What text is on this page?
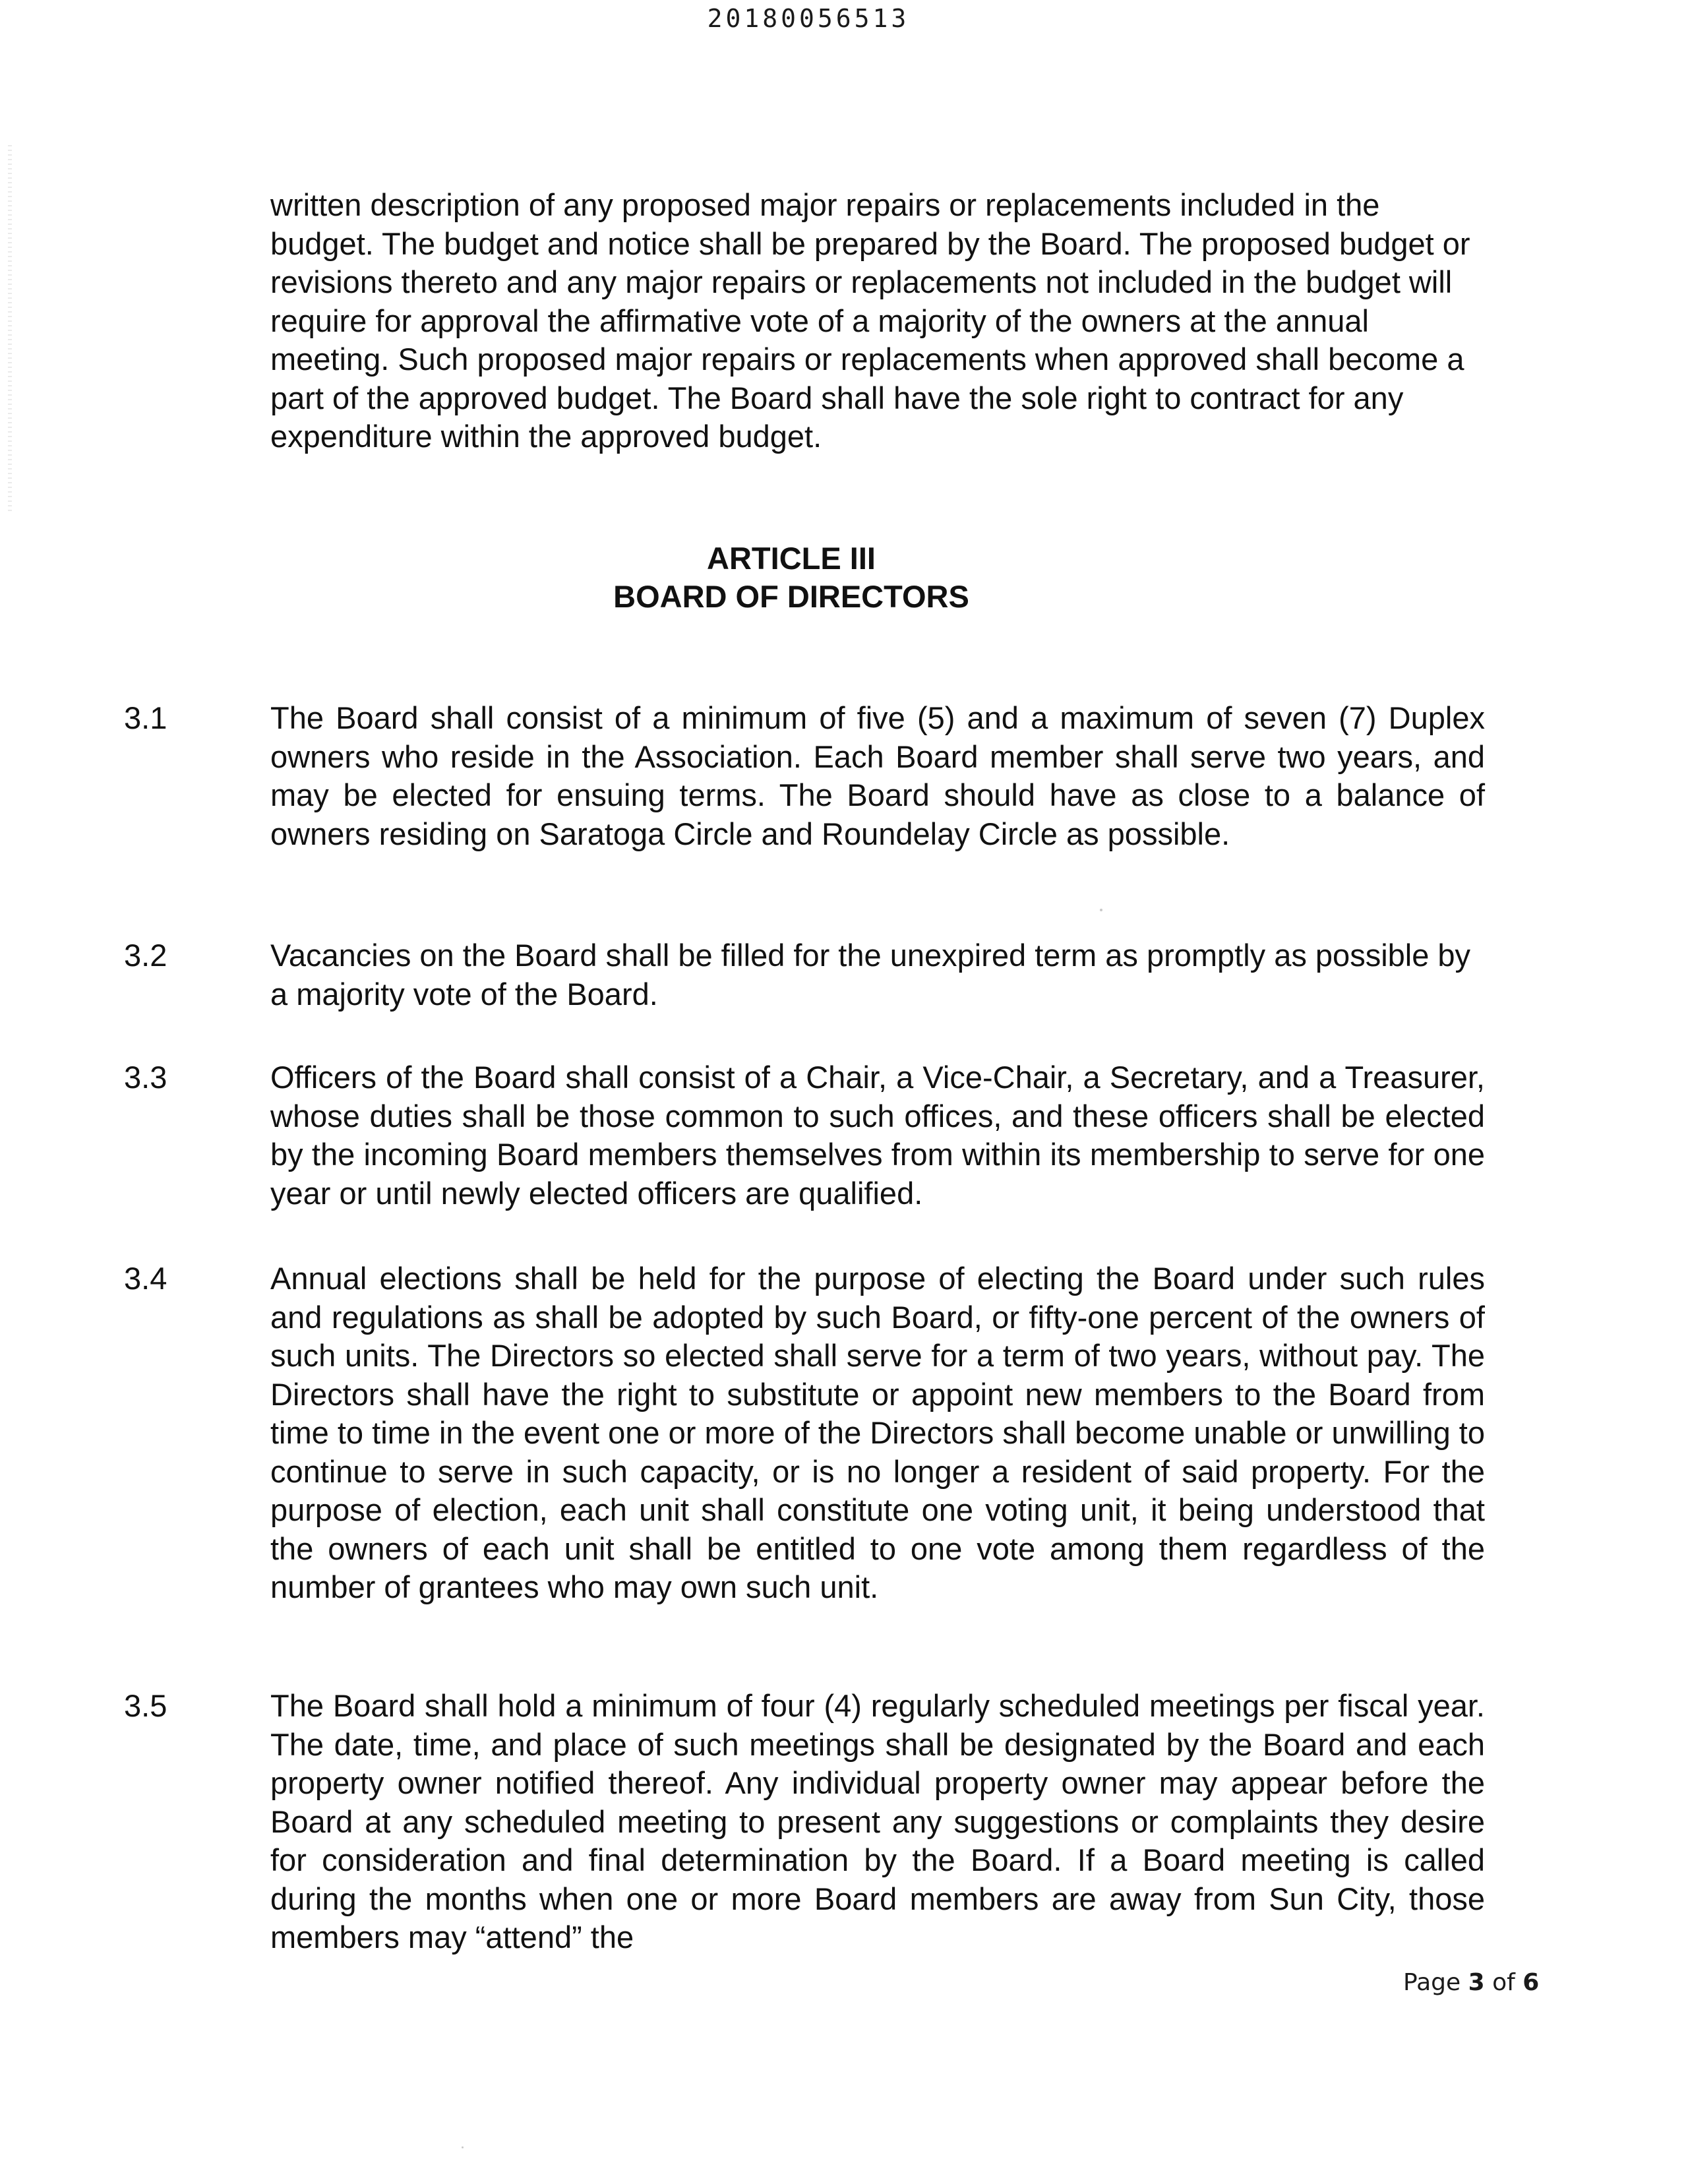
20180056513

written description of any proposed major repairs or replacements included in the budget. The budget and notice shall be prepared by the Board. The proposed budget or revisions thereto and any major repairs or replacements not included in the budget will require for approval the affirmative vote of a majority of the owners at the annual meeting. Such proposed major repairs or replacements when approved shall become a part of the approved budget. The Board shall have the sole right to contract for any expenditure within the approved budget.

ARTICLE III
BOARD OF DIRECTORS
3.1	The Board shall consist of a minimum of five (5) and a maximum of seven (7) Duplex owners who reside in the Association. Each Board member shall serve two years, and may be elected for ensuing terms. The Board should have as close to a balance of owners residing on Saratoga Circle and Roundelay Circle as possible.

3.2	Vacancies on the Board shall be filled for the unexpired term as promptly as possible by a majority vote of the Board.

3.3	Officers of the Board shall consist of a Chair, a Vice-Chair, a Secretary, and a Treasurer, whose duties shall be those common to such offices, and these officers shall be elected by the incoming Board members themselves from within its membership to serve for one year or until newly elected officers are qualified.

3.4	Annual elections shall be held for the purpose of electing the Board under such rules and regulations as shall be adopted by such Board, or fifty-one percent of the owners of such units. The Directors so elected shall serve for a term of two years, without pay. The Directors shall have the right to substitute or appoint new members to the Board from time to time in the event one or more of the Directors shall become unable or unwilling to continue to serve in such capacity, or is no longer a resident of said property. For the purpose of election, each unit shall constitute one voting unit, it being understood that the owners of each unit shall be entitled to one vote among them regardless of the number of grantees who may own such unit.

3.5	The Board shall hold a minimum of four (4) regularly scheduled meetings per fiscal year. The date, time, and place of such meetings shall be designated by the Board and each property owner notified thereof. Any individual property owner may appear before the Board at any scheduled meeting to present any suggestions or complaints they desire for consideration and final determination by the Board. If a Board meeting is called during the months when one or more Board members are away from Sun City, those members may “attend” the

Page 3 of 6
